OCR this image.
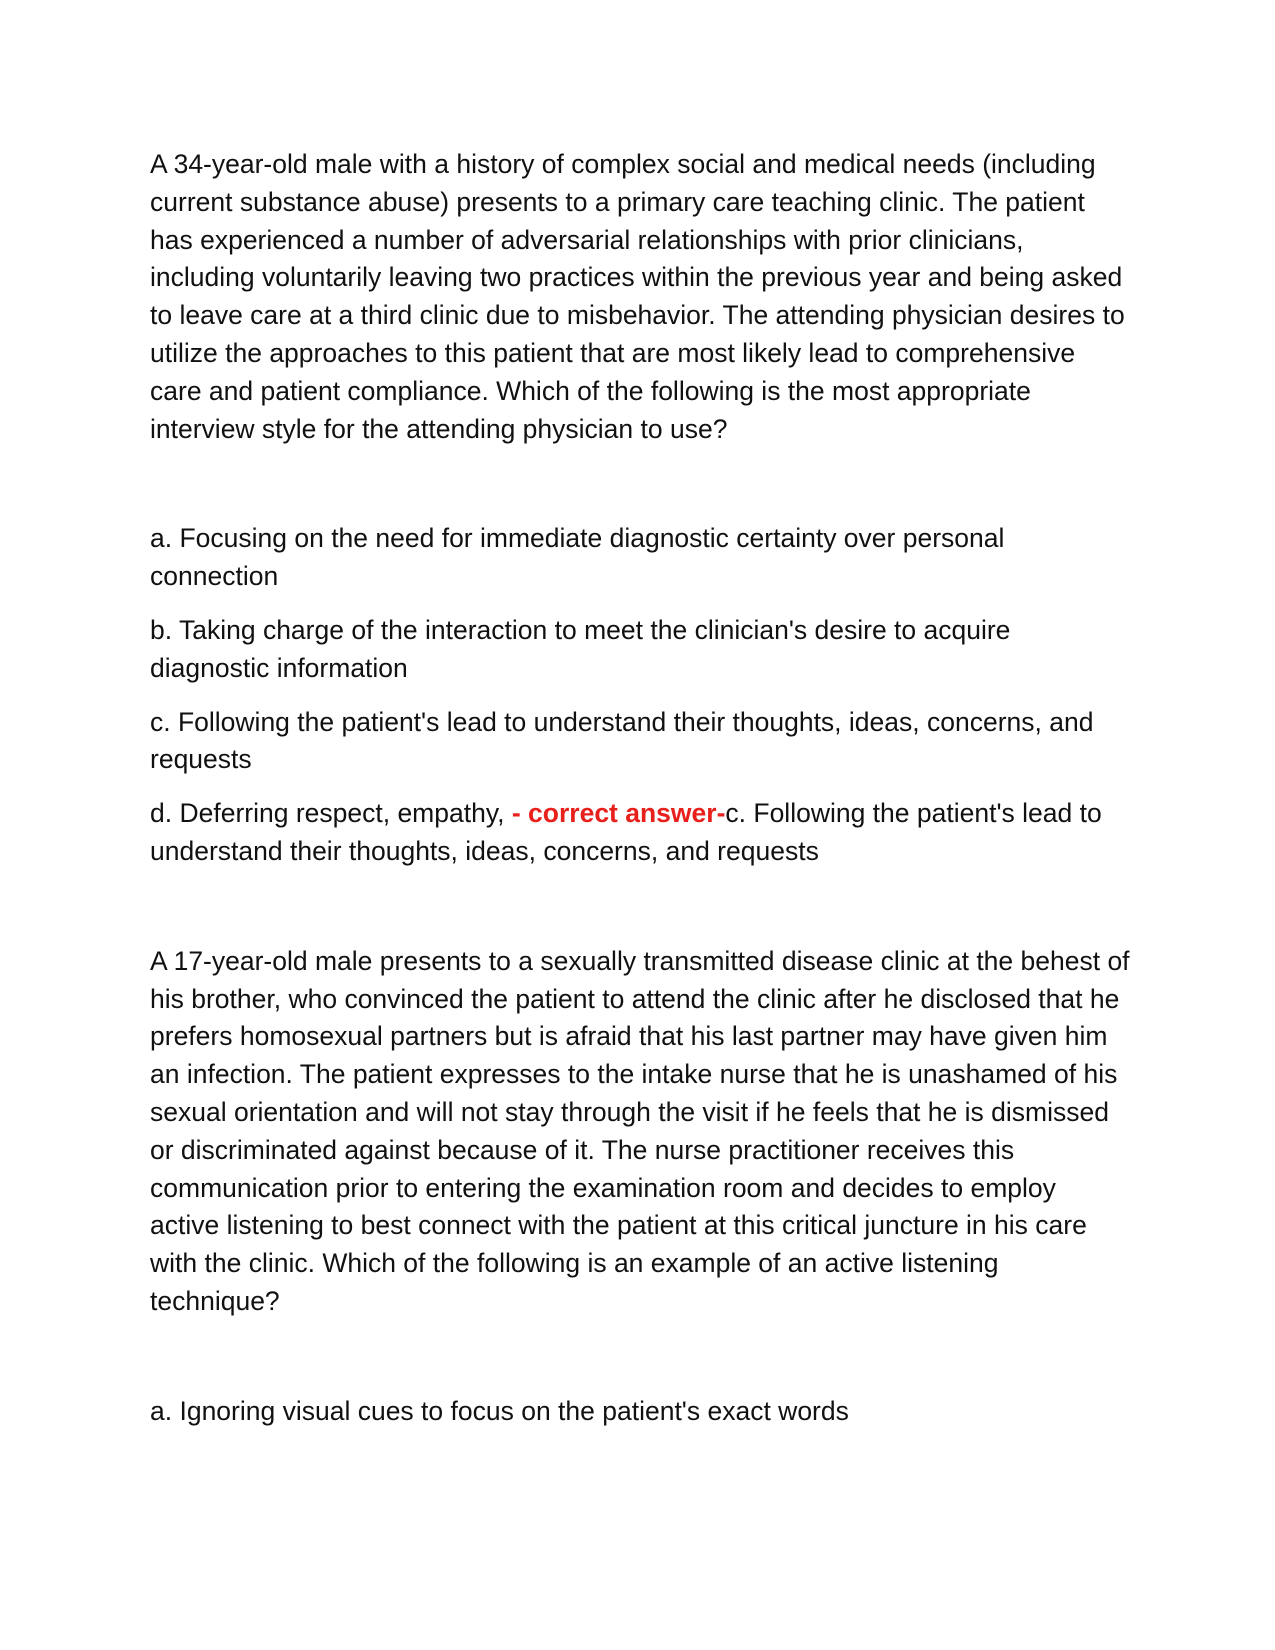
A 34-year-old male with a history of complex social and medical needs (including current substance abuse) presents to a primary care teaching clinic. The patient has experienced a number of adversarial relationships with prior clinicians, including voluntarily leaving two practices within the previous year and being asked to leave care at a third clinic due to misbehavior. The attending physician desires to utilize the approaches to this patient that are most likely lead to comprehensive care and patient compliance. Which of the following is the most appropriate interview style for the attending physician to use?

a. Focusing on the need for immediate diagnostic certainty over personal connection

b. Taking charge of the interaction to meet the clinician's desire to acquire diagnostic information

c. Following the patient's lead to understand their thoughts, ideas, concerns, and requests

d. Deferring respect, empathy, - correct answer-c. Following the patient's lead to understand their thoughts, ideas, concerns, and requests

A 17-year-old male presents to a sexually transmitted disease clinic at the behest of his brother, who convinced the patient to attend the clinic after he disclosed that he prefers homosexual partners but is afraid that his last partner may have given him an infection. The patient expresses to the intake nurse that he is unashamed of his sexual orientation and will not stay through the visit if he feels that he is dismissed or discriminated against because of it. The nurse practitioner receives this communication prior to entering the examination room and decides to employ active listening to best connect with the patient at this critical juncture in his care with the clinic. Which of the following is an example of an active listening technique?

a. Ignoring visual cues to focus on the patient's exact words
